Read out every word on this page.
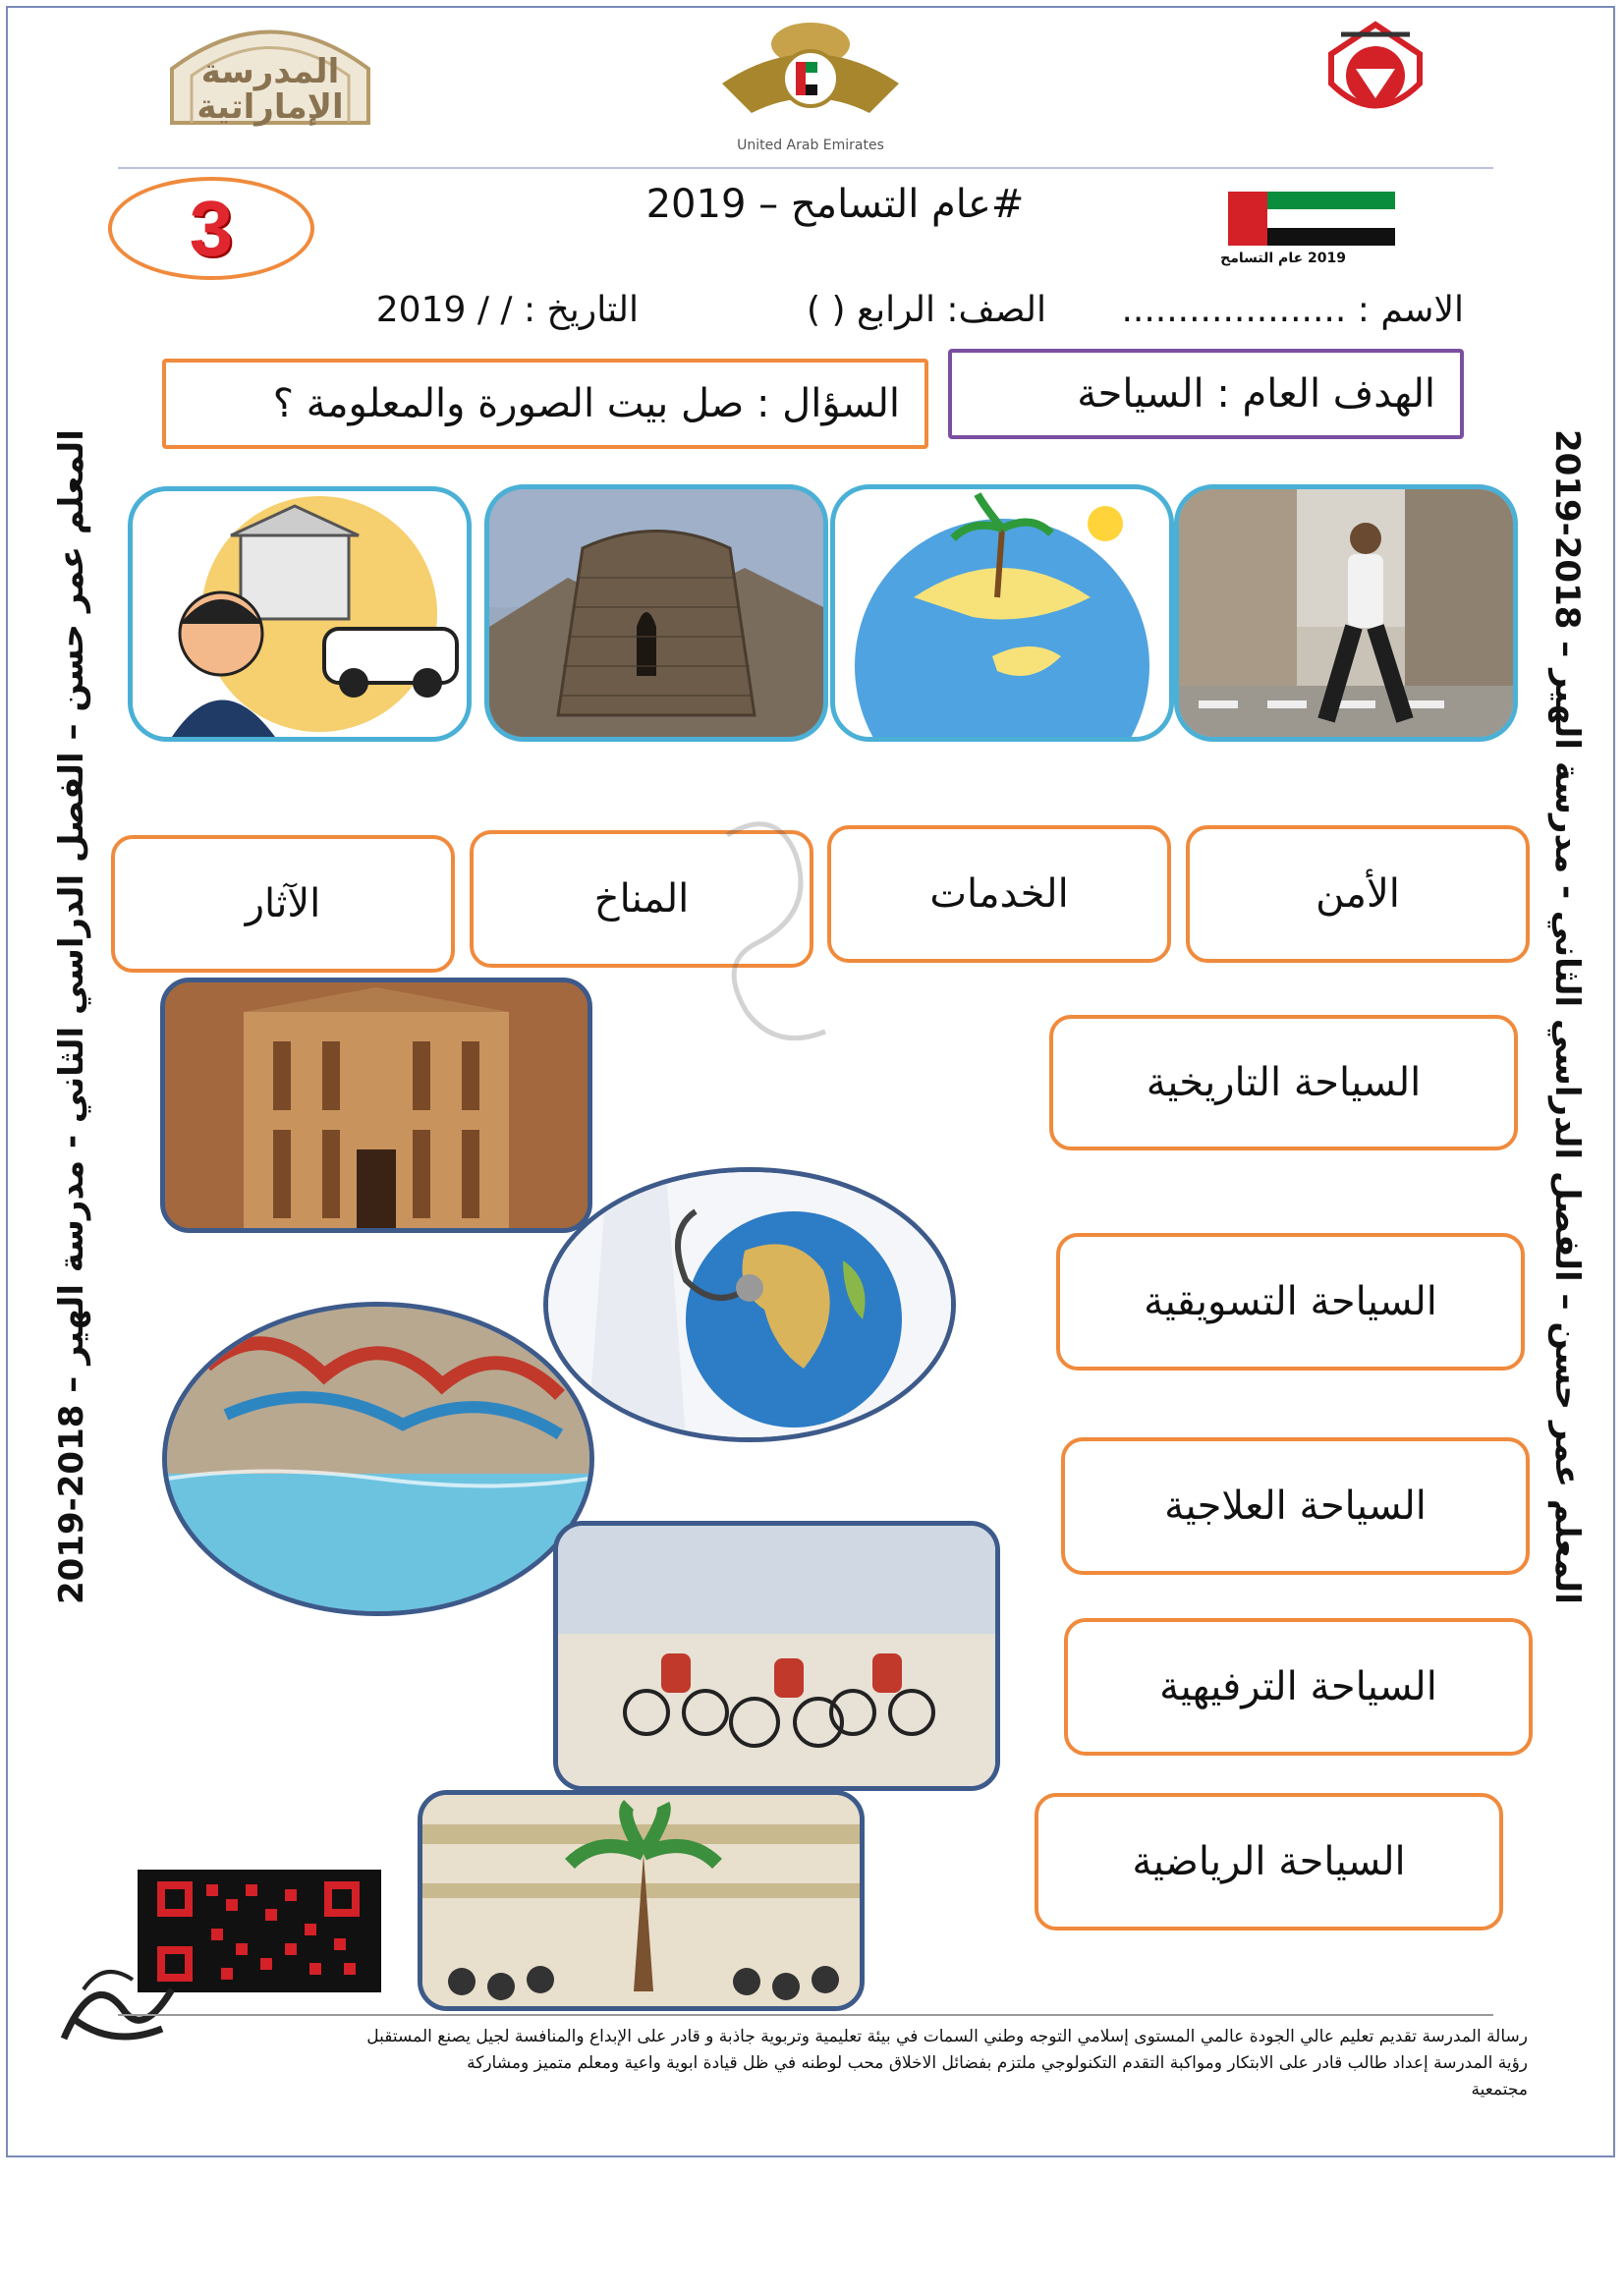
المعلم عمر حسن – الفصل الدراسي الثاني - مدرسة الهير – 2018-2019	المعلم عمر حسن – الفصل الدراسي الثاني - مدرسة الهير – 2018-2019
المدرسة الإماراتية
United Arab Emirates
3	#عام التسامح – 2019
2019 عام التسامح
الاسم : ....................
الصف: الرابع ( )
التاريخ : / / 2019
الهدف العام : السياحة
السؤال : صل بيت الصورة والمعلومة ؟
الآثار	المناخ	الخدمات	الأمن
السياحة التاريخية
السياحة التسويقية
السياحة العلاجية
السياحة الترفيهية
السياحة الرياضية
رسالة المدرسة تقديم تعليم عالي الجودة عالمي المستوى إسلامي التوجه وطني السمات في بيئة تعليمية وتربوية جاذبة و قادر على الإبداع والمنافسة لجيل يصنع المستقبل
رؤية المدرسة إعداد طالب قادر على الابتكار ومواكبة التقدم التكنولوجي ملتزم بفضائل الاخلاق محب لوطنه في ظل قيادة ابوية واعية ومعلم متميز ومشاركة
مجتمعية
